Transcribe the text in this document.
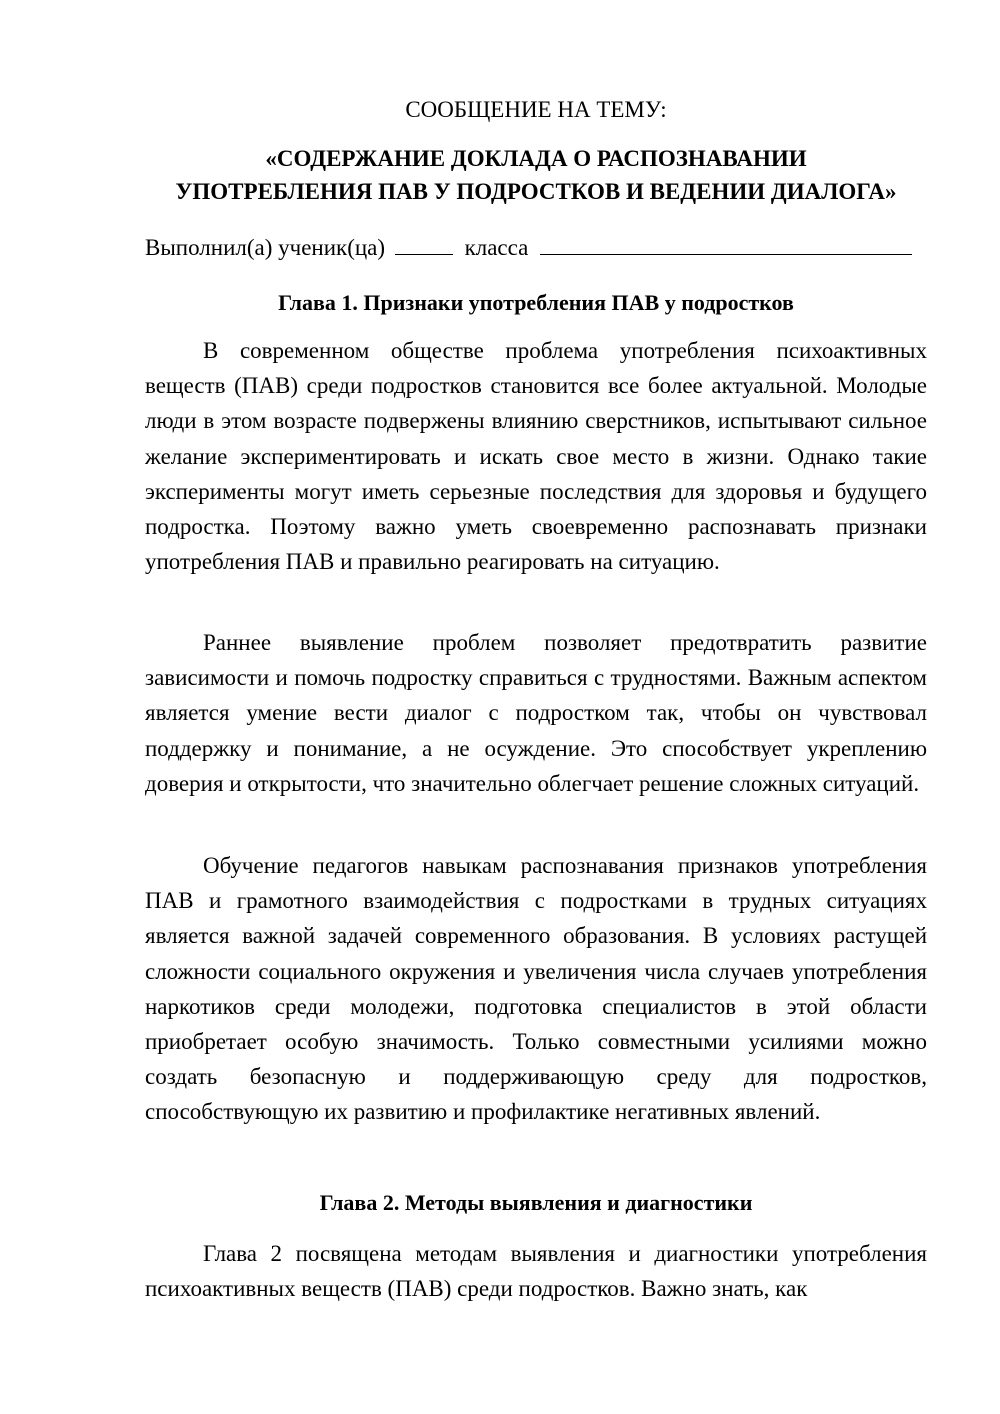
СООБЩЕНИЕ НА ТЕМУ:
«СОДЕРЖАНИЕ ДОКЛАДА О РАСПОЗНАВАНИИ
УПОТРЕБЛЕНИЯ ПАВ У ПОДРОСТКОВ И ВЕДЕНИИ ДИАЛОГА»
Выполнил(а) ученик(ца)	класса
Глава 1. Признаки употребления ПАВ у подростков

В современном обществе проблема употребления психоактивных веществ (ПАВ) среди подростков становится все более актуальной. Молодые люди в этом возрасте подвержены влиянию сверстников, испытывают сильное желание экспериментировать и искать свое место в жизни. Однако такие эксперименты могут иметь серьезные последствия для здоровья и будущего подростка. Поэтому важно уметь своевременно распознавать признаки употребления ПАВ и правильно реагировать на ситуацию.

Раннее выявление проблем позволяет предотвратить развитие зависимости и помочь подростку справиться с трудностями. Важным аспектом является умение вести диалог с подростком так, чтобы он чувствовал поддержку и понимание, а не осуждение. Это способствует укреплению доверия и открытости, что значительно облегчает решение сложных ситуаций.

Обучение педагогов навыкам распознавания признаков употребления ПАВ и грамотного взаимодействия с подростками в трудных ситуациях является важной задачей современного образования. В условиях растущей сложности социального окружения и увеличения числа случаев употребления наркотиков среди молодежи, подготовка специалистов в этой области приобретает особую значимость. Только совместными усилиями можно создать безопасную и поддерживающую среду для подростков, способствующую их развитию и профилактике негативных явлений.

Глава 2. Методы выявления и диагностики

Глава 2 посвящена методам выявления и диагностики употребления психоактивных веществ (ПАВ) среди подростков. Важно знать, как
